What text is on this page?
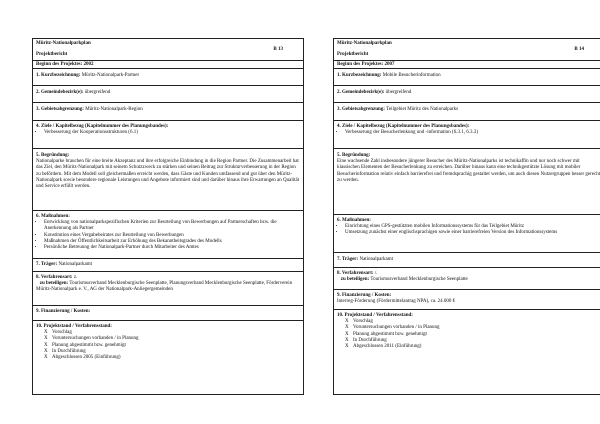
Müritz-Nationalparkplan
B 13
Projektbericht
Beginn des Projektes: 2002
1. Kurzbezeichnung: Müritz-Nationalpark-Partner
2. Gemeindebezirk(e): übergreifend
3. Gebietsabgrenzung: Müritz-Nationalpark-Region
4. Ziele / Kapitelbezug (Kapitelnummer des Planungsbandes):
• Verbesserung der Kooperationsstrukturen (6.1)
5. Begründung:
Nationalparke brauchen für eine breite Akzeptanz und ihre erfolgreiche Einbindung in die Region Partner. Die Zusammenarbeit hat das Ziel, den Müritz-Nationalpark mit seinem Schutzzweck zu stärken und seinen Beitrag zur Strukturverbesserung in der Region zu befördern. Mit dem Modell soll gleichermaßen erreicht werden, dass Gäste und Kunden umfassend und gut über den Müritz-Nationalpark sowie besondere regionale Leistungen und Angebote informiert sind und darüber hinaus ihre Erwartungen an Qualität und Service erfüllt werden.
6. Maßnahmen:
• Entwicklung von nationalparkspezifischen Kriterien zur Beurteilung von Bewerbungen auf Partnerschaften bzw. die Anerkennung als Partner
• Konstitution eines Vergabebeirates zur Beurteilung von Bewerbungen
• Maßnahmen der Öffentlichkeitsarbeit zur Erhöhung des Bekanntheitsgrades des Modells
• Persönliche Betreuung der Nationalpark-Partner durch Mitarbeiter des Amtes
7. Träger: Nationalparkamt
8. Verfahrensart: z.
zu beteiligen: Tourismusverband Mecklenburgische Seenplatte, Planungsverband Mecklenburgische Seenplatte, Förderverein Müritz-Nationalpark e. V., AG der Nationalpark-Anliegergemeinden
9. Finanzierung / Kosten:
10. Projektstand / Verfahrensstand:
X Vorschlag
X Voruntersuchungen vorhanden / in Planung
X Planung abgestimmt bzw. genehmigt
X In Durchführung
X Abgeschlossen 2005 (Einführung)
Müritz-Nationalparkplan
B 14
Projektbericht
Beginn des Projektes: 2007
1. Kurzbezeichnung: Mobile Besucherinformation
2. Gemeindebezirk(e): übergreifend
3. Gebietsabgrenzung: Teilgebiet Müritz des Nationalparks
4. Ziele / Kapitelbezug (Kapitelnummer des Planungsbandes):
• Verbesserung der Besucherlenkung und -information (6.3.1, 6.3.3)
5. Begründung:
Eine wachsende Zahl insbesondere jüngerer Besucher des Müritz-Nationalparks ist technikaffin und nur noch schwer mit klassischen Elementen der Besucherlenkung zu erreichen. Darüber hinaus kann eine technikgestützte Lösung mit mobiler Besucherinformation relativ einfach barrierefrei und fremdsprachig gestaltet werden, um auch diesen Nutzergruppen besser gerecht zu werden.
6. Maßnahmen:
• Einrichtung eines GPS-gestützten mobilen Informationssystems für das Teilgebiet Müritz
• Umsetzung zunächst einer englischsprachigen sowie einer barrierefreien Version des Informationssystems
7. Träger: Nationalparkamt
8. Verfahrensart: /.
zu beteiligen: Tourismusverband Mecklenburgische Seenplatte
9. Finanzierung / Kosten:
Interreg-Förderung (Fördermittelantrag NPA), ca. 24.000 €
10. Projektstand / Verfahrensstand:
X Vorschlag
X Voruntersuchungen vorhanden / in Planung
X Planung abgestimmt bzw. genehmigt
X In Durchführung
X Abgeschlossen 2011 (Einführung)
